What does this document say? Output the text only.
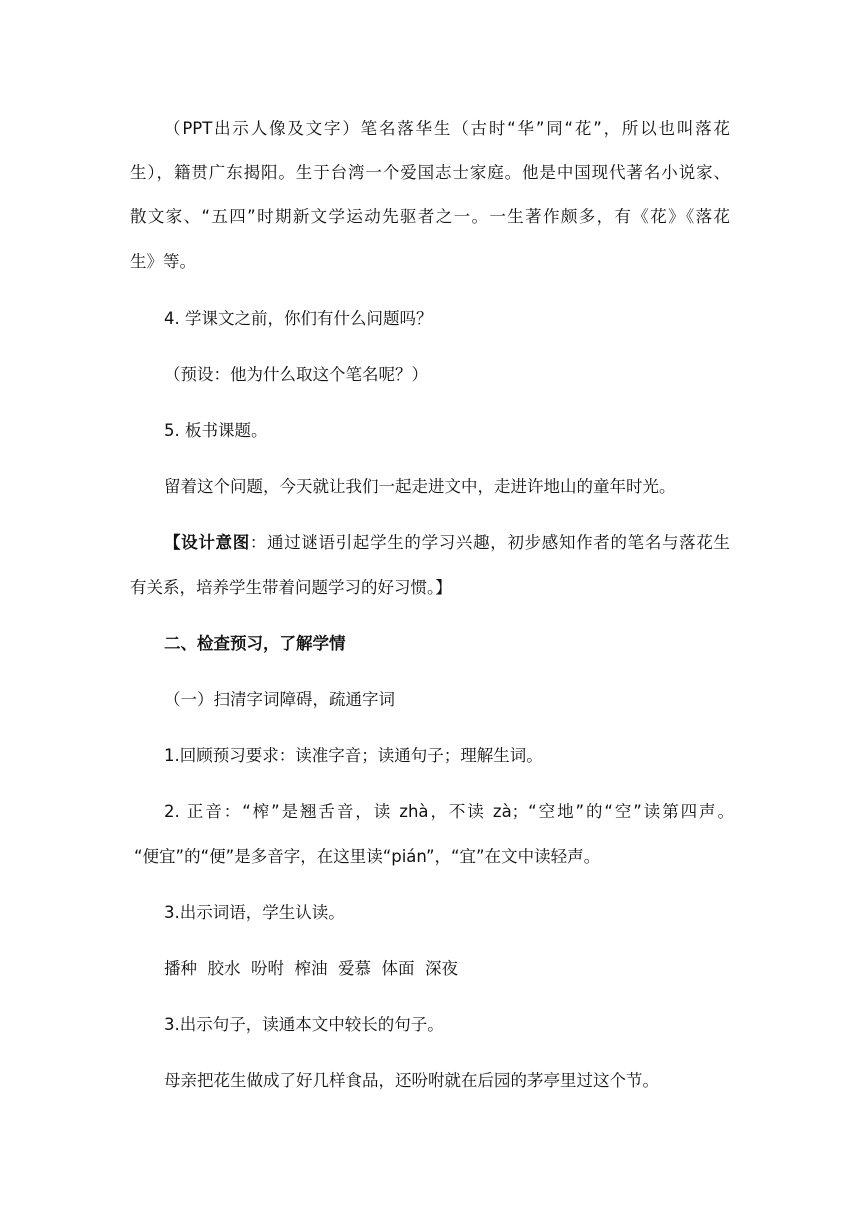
（PPT出示人像及文字）笔名落华生（古时“华”同“花”，所以也叫落花
生），籍贯广东揭阳。生于台湾一个爱国志士家庭。他是中国现代著名小说家、
散文家、“五四”时期新文学运动先驱者之一。一生著作颇多，有《花》《落花
生》等。
4. 学课文之前，你们有什么问题吗？
（预设：他为什么取这个笔名呢？）
5. 板书课题。
留着这个问题，今天就让我们一起走进文中，走进许地山的童年时光。
【设计意图：通过谜语引起学生的学习兴趣，初步感知作者的笔名与落花生
有关系，培养学生带着问题学习的好习惯。】
二、检查预习，了解学情
（一）扫清字词障碍，疏通字词
1.回顾预习要求：读准字音；读通句子；理解生词。
2. 正音：“榨”是翘舌音，读 zhà，不读 zà；“空地”的“空”读第四声。
“便宜”的“便”是多音字，在这里读“pián”，“宜”在文中读轻声。
3.出示词语，学生认读。
播种  胶水  吩咐  榨油  爱慕  体面  深夜
3.出示句子，读通本文中较长的句子。
母亲把花生做成了好几样食品，还吩咐就在后园的茅亭里过这个节。
